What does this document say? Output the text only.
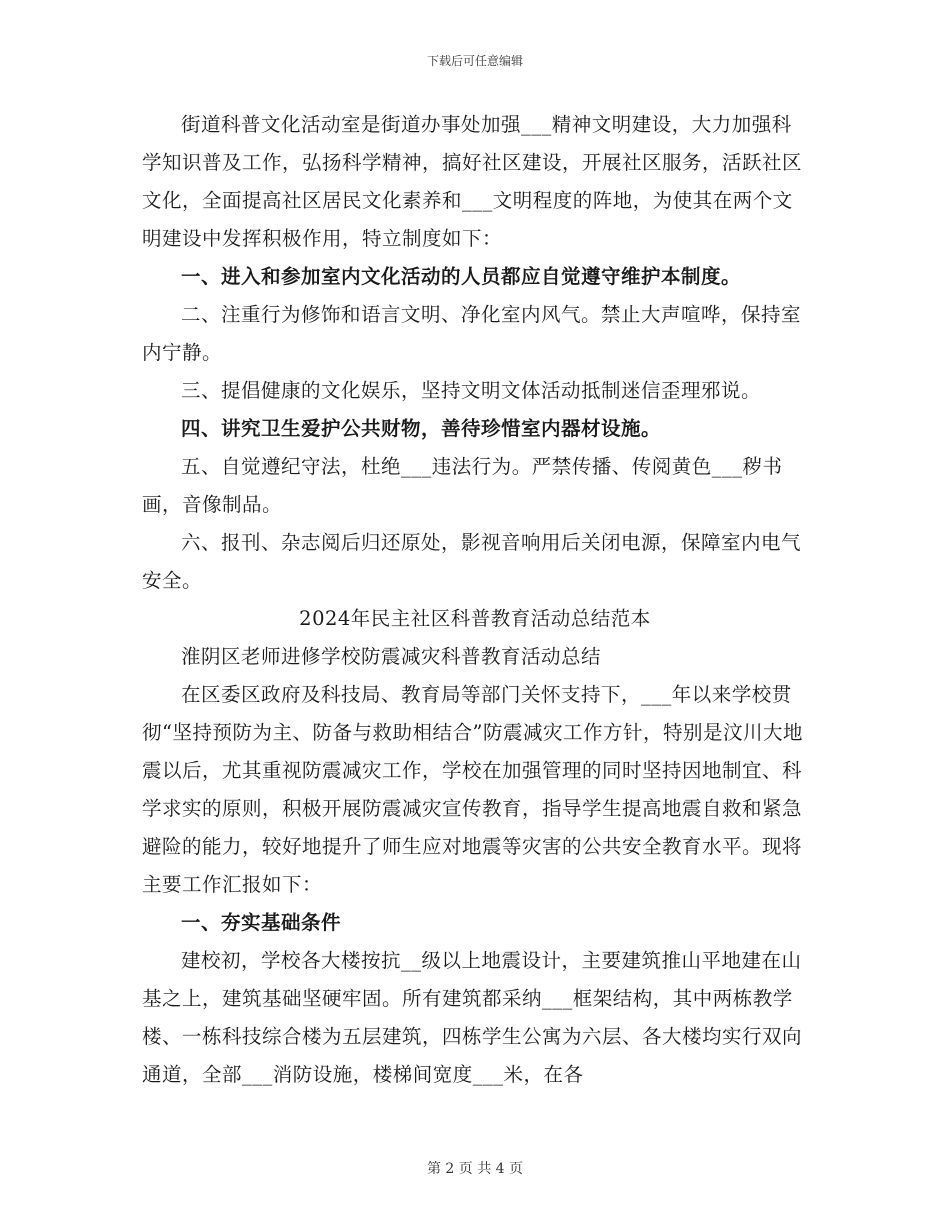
下载后可任意编辑

街道科普文化活动室是街道办事处加强___精神文明建设，大力加强科学知识普及工作，弘扬科学精神，搞好社区建设，开展社区服务，活跃社区文化，全面提高社区居民文化素养和___文明程度的阵地，为使其在两个文明建设中发挥积极作用，特立制度如下：

一、进入和参加室内文化活动的人员都应自觉遵守维护本制度。

二、注重行为修饰和语言文明、净化室内风气。禁止大声喧哗，保持室内宁静。

三、提倡健康的文化娱乐，坚持文明文体活动抵制迷信歪理邪说。

四、讲究卫生爱护公共财物，善待珍惜室内器材设施。

五、自觉遵纪守法，杜绝___违法行为。严禁传播、传阅黄色___秽书画，音像制品。

六、报刊、杂志阅后归还原处，影视音响用后关闭电源，保障室内电气安全。

2024年民主社区科普教育活动总结范本

淮阴区老师进修学校防震减灾科普教育活动总结

在区委区政府及科技局、教育局等部门关怀支持下，___年以来学校贯彻“坚持预防为主、防备与救助相结合”防震减灾工作方针，特别是汶川大地震以后，尤其重视防震减灾工作，学校在加强管理的同时坚持因地制宜、科学求实的原则，积极开展防震减灾宣传教育，指导学生提高地震自救和紧急避险的能力，较好地提升了师生应对地震等灾害的公共安全教育水平。现将主要工作汇报如下：

一、夯实基础条件

建校初，学校各大楼按抗__级以上地震设计，主要建筑推山平地建在山基之上，建筑基础坚硬牢固。所有建筑都采纳___框架结构，其中两栋教学楼、一栋科技综合楼为五层建筑，四栋学生公寓为六层、各大楼均实行双向通道，全部___消防设施，楼梯间宽度___米，在各

第 2 页 共 4 页
